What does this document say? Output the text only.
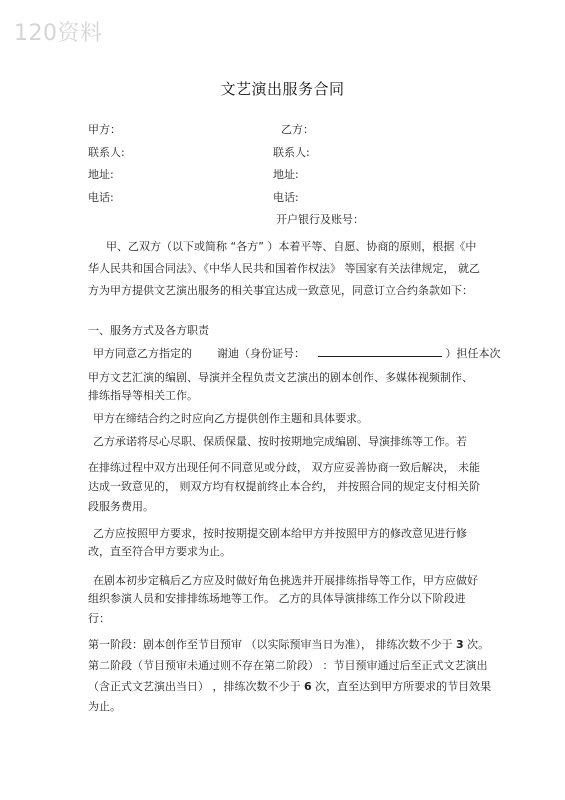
120资料
文艺演出服务合同
甲方：
联系人:
地址:
电话:
乙方：
联系人:
地址:
电话:
开户银行及账号：
甲、乙双方（以下或简称 “各方” ）本着平等、自愿、协商的原则，根据《中
华人民共和国合同法》、《中华人民共和国着作权法》 等国家有关法律规定， 就乙
方为甲方提供文艺演出服务的相关事宜达成一致意见，同意订立合约条款如下：
一、服务方式及各方职责
甲方同意乙方指定的 谢迪（身份证号：	）担任本次
甲方文艺汇演的编剧、导演并全程负责文艺演出的剧本创作、多媒体视频制作、
排练指导等相关工作。
甲方在缔结合约之时应向乙方提供创作主题和具体要求。
乙方承诺将尽心尽职、保质保量、按时按期地完成编剧、导演排练等工作。若
在排练过程中双方出现任何不同意见或分歧， 双方应妥善协商一致后解决， 未能
达成一致意见的， 则双方均有权提前终止本合约， 并按照合同的规定支付相关阶
段服务费用。
乙方应按照甲方要求，按时按期提交剧本给甲方并按照甲方的修改意见进行修
改，直至符合甲方要求为止。
在剧本初步定稿后乙方应及时做好角色挑选并开展排练指导等工作，甲方应做好
组织参演人员和安排排练场地等工作。 乙方的具体导演排练工作分以下阶段进
行：
第一阶段：剧本创作至节目预审 （以实际预审当日为准）， 排练次数不少于 3 次。
第二阶段（节目预审未通过则不存在第二阶段） ：节目预审通过后至正式文艺演出
（含正式文艺演出当日） ，排练次数不少于 6 次，直至达到甲方所要求的节目效果
为止。
